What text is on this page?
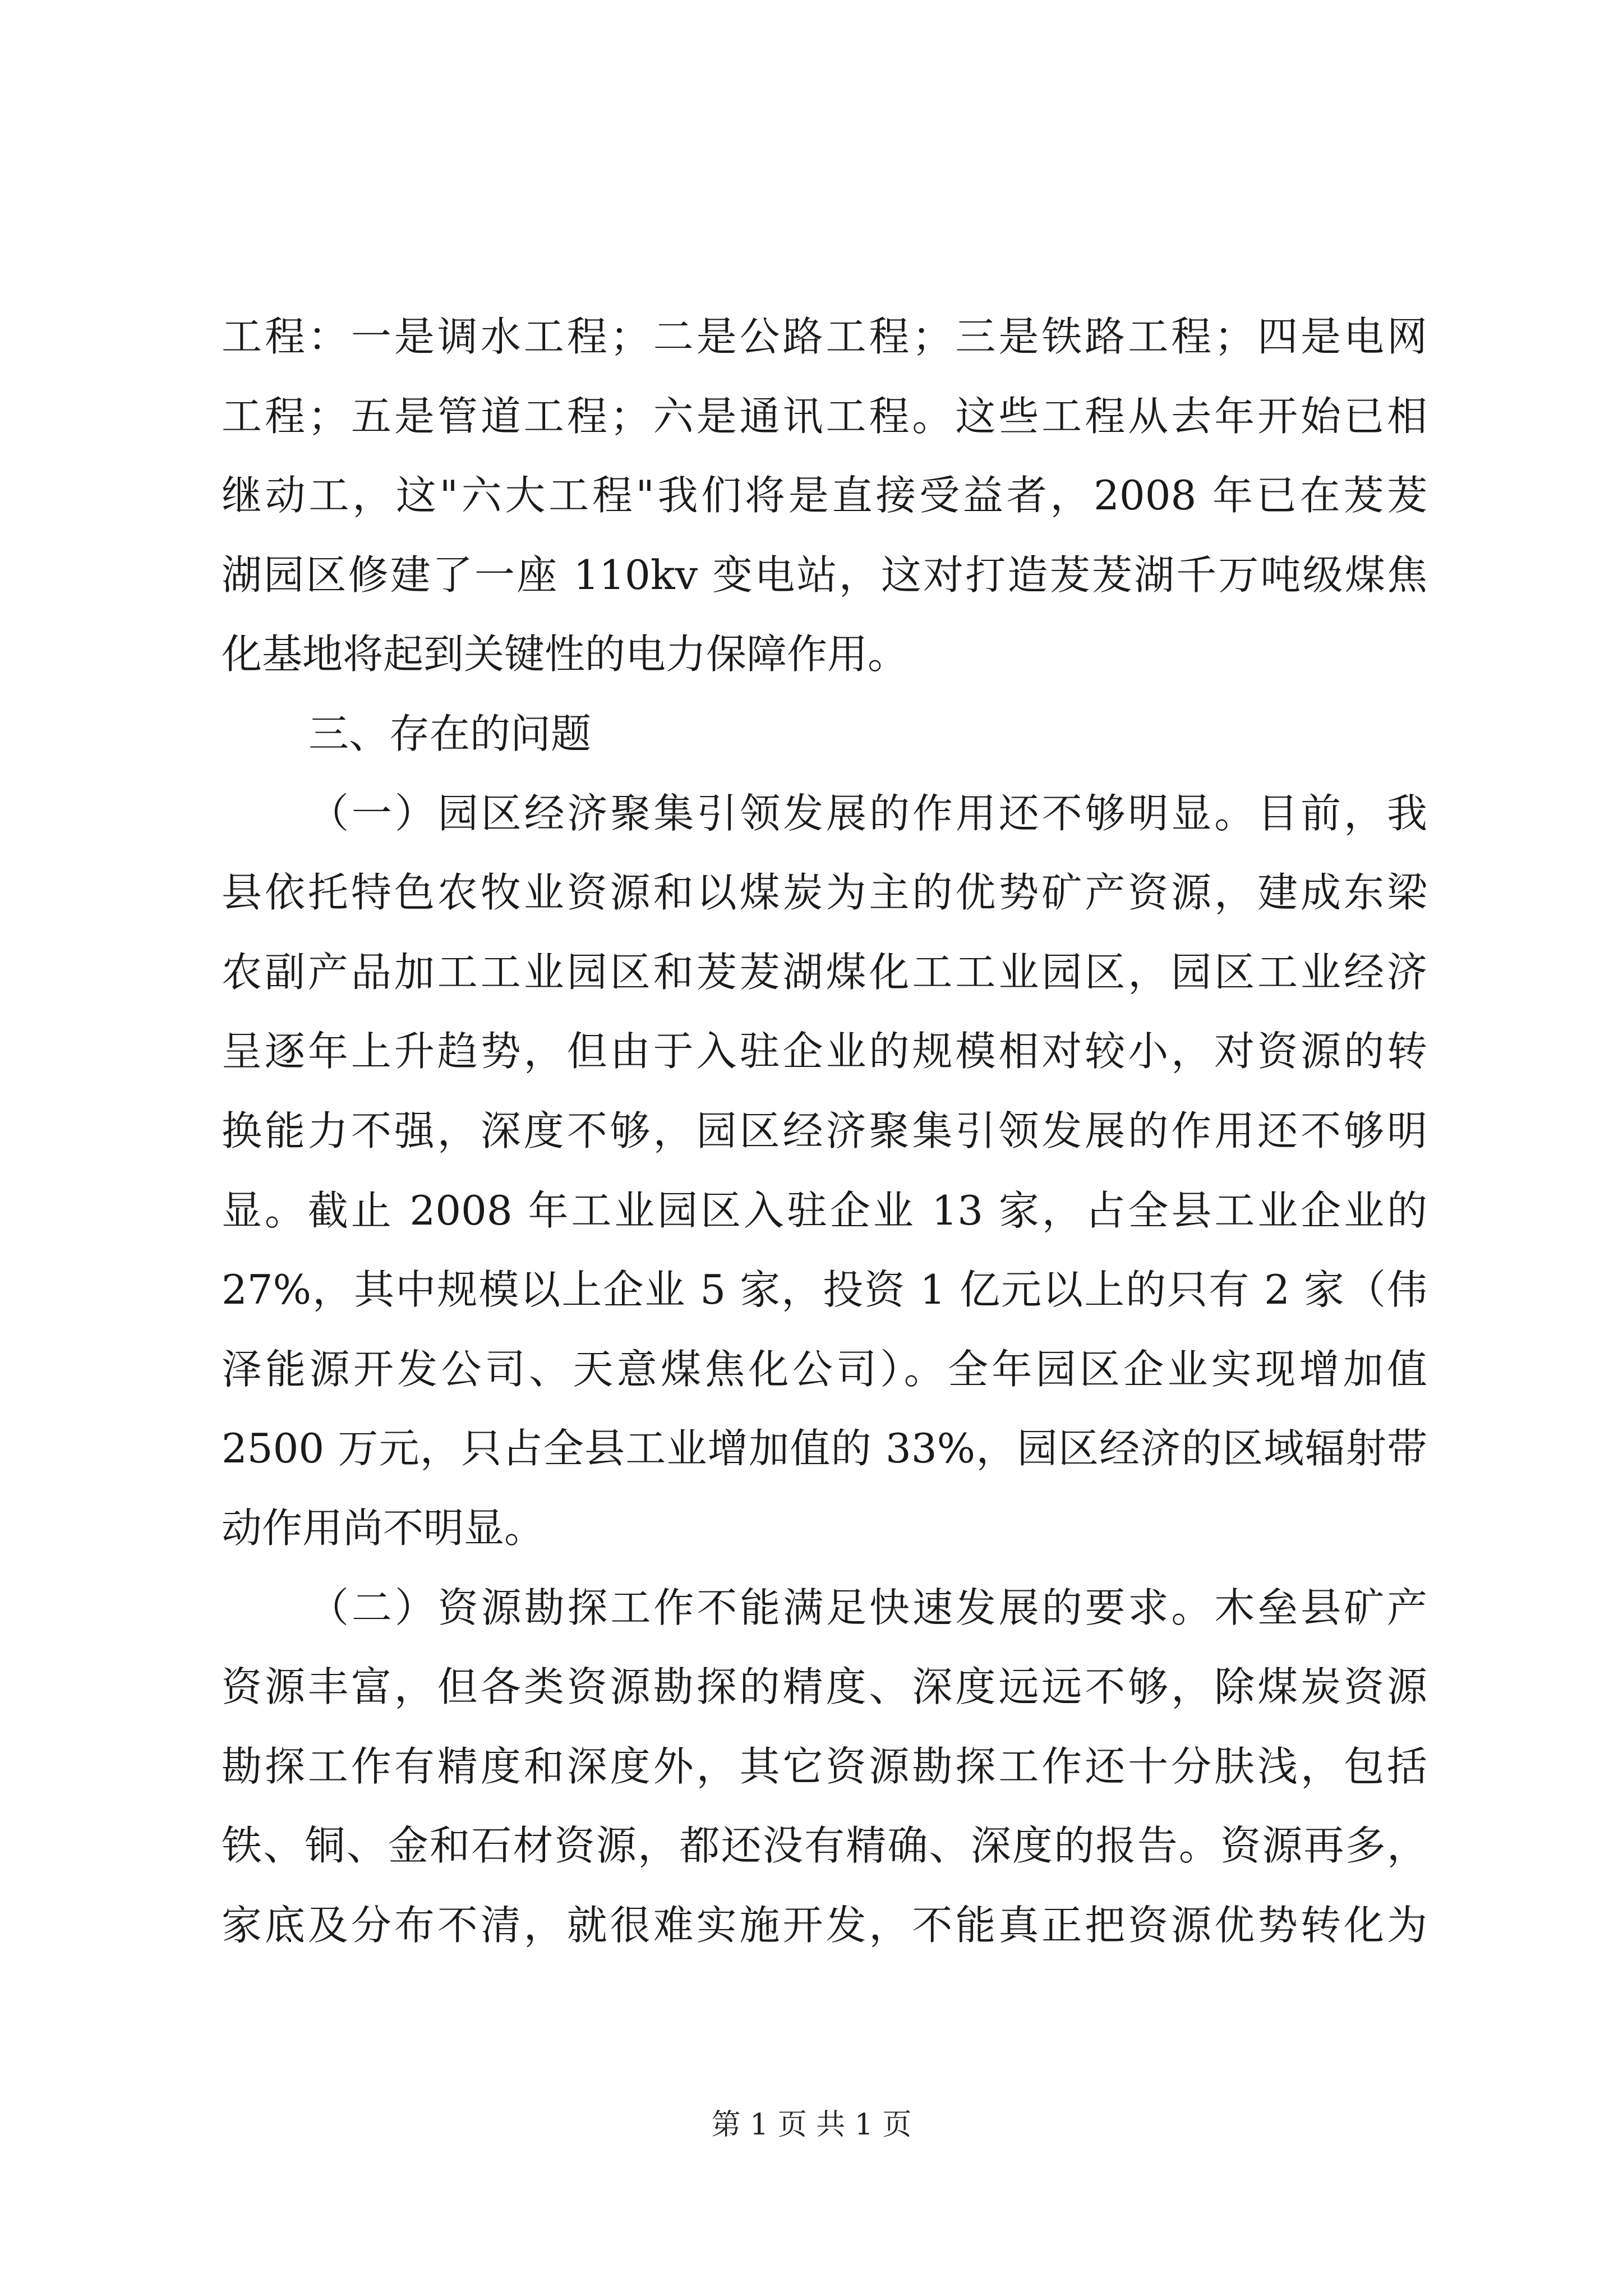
工程：一是调水工程；二是公路工程；三是铁路工程；四是电网
工程；五是管道工程；六是通讯工程。这些工程从去年开始已相
继动工，这"六大工程"我们将是直接受益者，2008 年已在茇茇
湖园区修建了一座 110kv 变电站，这对打造茇茇湖千万吨级煤焦
化基地将起到关键性的电力保障作用。
三、存在的问题
（一）园区经济聚集引领发展的作用还不够明显。目前，我
县依托特色农牧业资源和以煤炭为主的优势矿产资源，建成东梁
农副产品加工工业园区和茇茇湖煤化工工业园区，园区工业经济
呈逐年上升趋势，但由于入驻企业的规模相对较小，对资源的转
换能力不强，深度不够，园区经济聚集引领发展的作用还不够明
显。截止 2008 年工业园区入驻企业 13 家，占全县工业企业的
27%，其中规模以上企业 5 家，投资 1 亿元以上的只有 2 家（伟
泽能源开发公司、天意煤焦化公司）。全年园区企业实现增加值
2500 万元，只占全县工业增加值的 33%，园区经济的区域辐射带
动作用尚不明显。
（二）资源勘探工作不能满足快速发展的要求。木垒县矿产
资源丰富，但各类资源勘探的精度、深度远远不够，除煤炭资源
勘探工作有精度和深度外，其它资源勘探工作还十分肤浅，包括
铁、铜、金和石材资源，都还没有精确、深度的报告。资源再多，
家底及分布不清，就很难实施开发，不能真正把资源优势转化为
第 1 页 共 1 页
